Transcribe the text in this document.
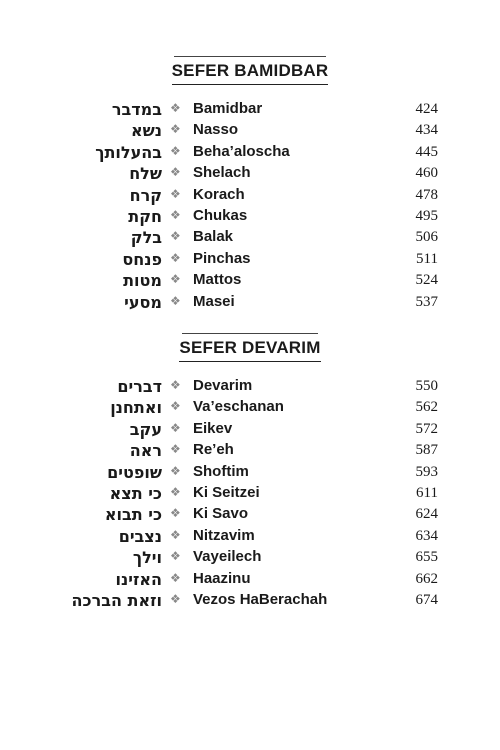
SEFER BAMIDBAR
במדבר ❖ Bamidbar	424
נשא ❖ Nasso	434
בהעלותך ❖ Beha’aloscha	445
שלח ❖ Shelach	460
קרח ❖ Korach	478
חקת ❖ Chukas	495
בלק ❖ Balak	506
פנחס ❖ Pinchas	511
מטות ❖ Mattos	524
מסעי ❖ Masei	537
SEFER DEVARIM
דברים ❖ Devarim	550
ואתחנן ❖ Va’eschanan	562
עקב ❖ Eikev	572
ראה ❖ Re’eh	587
שופטים ❖ Shoftim	593
כי תצא ❖ Ki Seitzei	611
כי תבוא ❖ Ki Savo	624
נצבים ❖ Nitzavim	634
וילך ❖ Vayeilech	655
האזינו ❖ Haazinu	662
וזאת הברכה ❖ Vezos HaBerachah	674
